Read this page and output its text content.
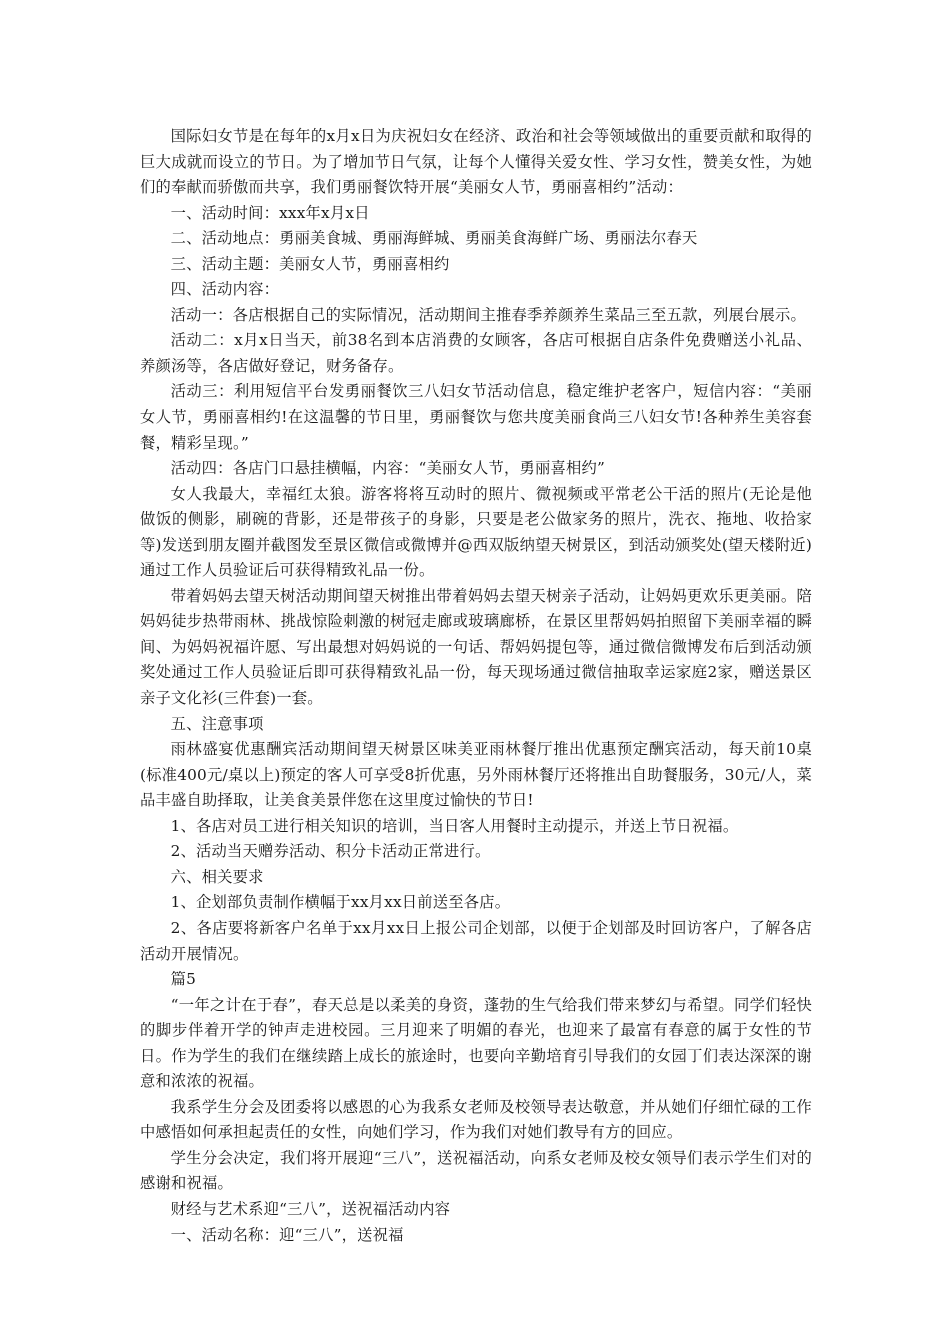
国际妇女节是在每年的x月x日为庆祝妇女在经济、政治和社会等领域做出的重要贡献和取得的巨大成就而设立的节日。为了增加节日气氛，让每个人懂得关爱女性、学习女性，赞美女性，为她们的奉献而骄傲而共享，我们勇丽餐饮特开展“美丽女人节，勇丽喜相约”活动：

一、活动时间：xxx年x月x日

二、活动地点：勇丽美食城、勇丽海鲜城、勇丽美食海鲜广场、勇丽法尔春天

三、活动主题：美丽女人节，勇丽喜相约

四、活动内容：

活动一：各店根据自己的实际情况，活动期间主推春季养颜养生菜品三至五款，列展台展示。

活动二：x月x日当天，前38名到本店消费的女顾客，各店可根据自店条件免费赠送小礼品、养颜汤等，各店做好登记，财务备存。

活动三：利用短信平台发勇丽餐饮三八妇女节活动信息，稳定维护老客户，短信内容：“美丽女人节，勇丽喜相约!在这温馨的节日里，勇丽餐饮与您共度美丽食尚三八妇女节!各种养生美容套餐，精彩呈现。”

活动四：各店门口悬挂横幅，内容：“美丽女人节，勇丽喜相约”

女人我最大，幸福红太狼。游客将将互动时的照片、微视频或平常老公干活的照片(无论是他做饭的侧影，刷碗的背影，还是带孩子的身影，只要是老公做家务的照片，洗衣、拖地、收拾家等)发送到朋友圈并截图发至景区微信或微博并@西双版纳望天树景区，到活动颁奖处(望天楼附近)通过工作人员验证后可获得精致礼品一份。

带着妈妈去望天树活动期间望天树推出带着妈妈去望天树亲子活动，让妈妈更欢乐更美丽。陪妈妈徒步热带雨林、挑战惊险刺激的树冠走廊或玻璃廊桥，在景区里帮妈妈拍照留下美丽幸福的瞬间、为妈妈祝福许愿、写出最想对妈妈说的一句话、帮妈妈提包等，通过微信微博发布后到活动颁奖处通过工作人员验证后即可获得精致礼品一份，每天现场通过微信抽取幸运家庭2家，赠送景区亲子文化衫(三件套)一套。

五、注意事项

雨林盛宴优惠酬宾活动期间望天树景区味美亚雨林餐厅推出优惠预定酬宾活动，每天前10桌(标准400元/桌以上)预定的客人可享受8折优惠，另外雨林餐厅还将推出自助餐服务，30元/人，菜品丰盛自助择取，让美食美景伴您在这里度过愉快的节日!

1、各店对员工进行相关知识的培训，当日客人用餐时主动提示，并送上节日祝福。

2、活动当天赠券活动、积分卡活动正常进行。

六、相关要求

1、企划部负责制作横幅于xx月xx日前送至各店。

2、各店要将新客户名单于xx月xx日上报公司企划部，以便于企划部及时回访客户，了解各店活动开展情况。

篇5

“一年之计在于春”，春天总是以柔美的身资，蓬勃的生气给我们带来梦幻与希望。同学们轻快的脚步伴着开学的钟声走进校园。三月迎来了明媚的春光，也迎来了最富有春意的属于女性的节日。作为学生的我们在继续踏上成长的旅途时，也要向辛勤培育引导我们的女园丁们表达深深的谢意和浓浓的祝福。

我系学生分会及团委将以感恩的心为我系女老师及校领导表达敬意，并从她们仔细忙碌的工作中感悟如何承担起责任的女性，向她们学习，作为我们对她们教导有方的回应。

学生分会决定，我们将开展迎“三八”，送祝福活动，向系女老师及校女领导们表示学生们对的感谢和祝福。

财经与艺术系迎“三八”，送祝福活动内容

一、活动名称：迎“三八”，送祝福
